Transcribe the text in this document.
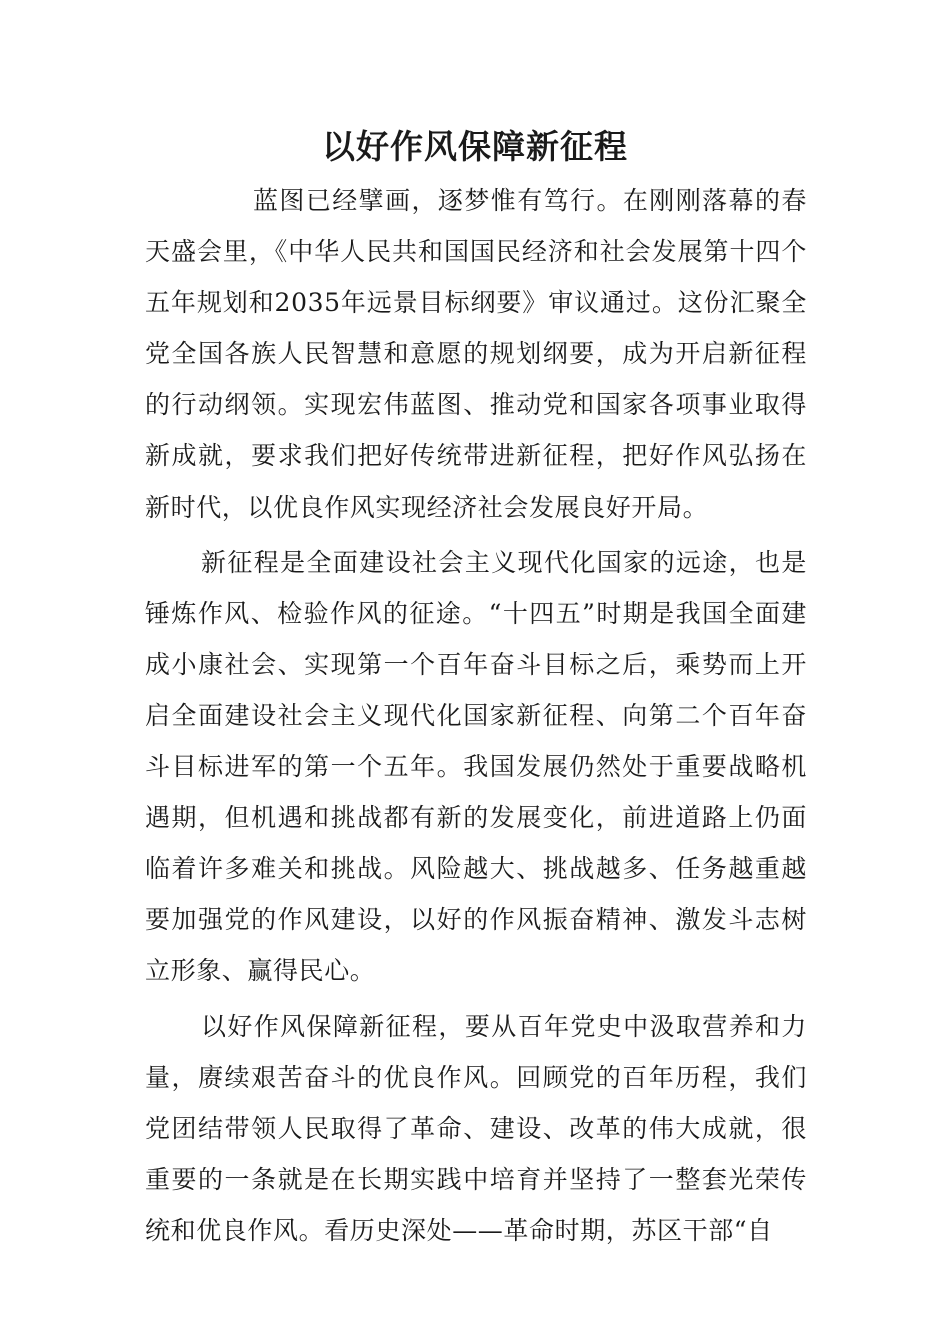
以好作风保障新征程

蓝图已经擘画，逐梦惟有笃行。在刚刚落幕的春天盛会里，《中华人民共和国国民经济和社会发展第十四个五年规划和2035年远景目标纲要》审议通过。这份汇聚全党全国各族人民智慧和意愿的规划纲要，成为开启新征程的行动纲领。实现宏伟蓝图、推动党和国家各项事业取得新成就，要求我们把好传统带进新征程，把好作风弘扬在新时代，以优良作风实现经济社会发展良好开局。

新征程是全面建设社会主义现代化国家的远途，也是锤炼作风、检验作风的征途。“十四五”时期是我国全面建成小康社会、实现第一个百年奋斗目标之后，乘势而上开启全面建设社会主义现代化国家新征程、向第二个百年奋斗目标进军的第一个五年。我国发展仍然处于重要战略机遇期，但机遇和挑战都有新的发展变化，前进道路上仍面临着许多难关和挑战。风险越大、挑战越多、任务越重越要加强党的作风建设，以好的作风振奋精神、激发斗志树立形象、赢得民心。

以好作风保障新征程，要从百年党史中汲取营养和力量，赓续艰苦奋斗的优良作风。回顾党的百年历程，我们党团结带领人民取得了革命、建设、改革的伟大成就，很重要的一条就是在长期实践中培育并坚持了一整套光荣传统和优良作风。看历史深处——革命时期，苏区干部“自
